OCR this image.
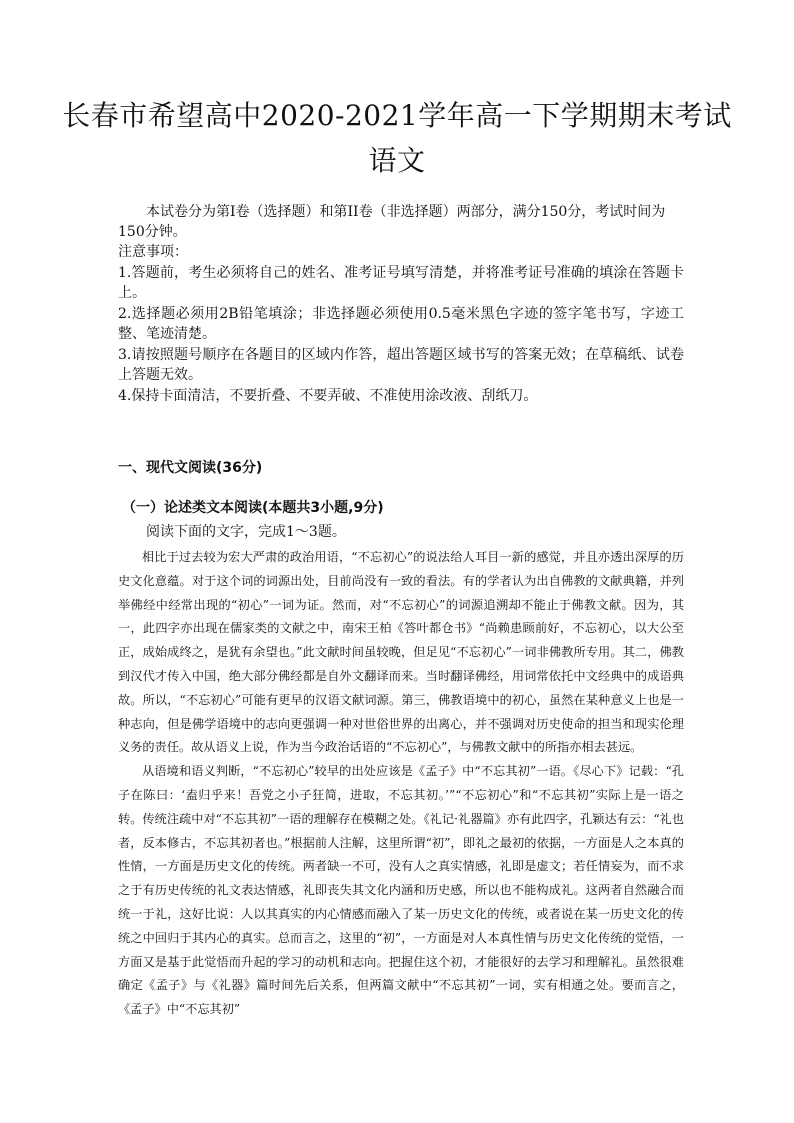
长春市希望高中2020-2021学年高一下学期期末考试
语文

本试卷分为第I卷（选择题）和第II卷（非选择题）两部分，满分150分，考试时间为150分钟。

注意事项：

1.答题前，考生必须将自己的姓名、准考证号填写清楚，并将准考证号准确的填涂在答题卡上。

2.选择题必须用2B铅笔填涂；非选择题必须使用0.5毫米黑色字迹的签字笔书写，字迹工整、笔迹清楚。

3.请按照题号顺序在各题目的区域内作答，超出答题区域书写的答案无效；在草稿纸、试卷上答题无效。

4.保持卡面清洁，不要折叠、不要弄破、不准使用涂改液、刮纸刀。

一、现代文阅读(36分)

（一）论述类文本阅读(本题共3小题,9分)

阅读下面的文字，完成1～3题。

相比于过去较为宏大严肃的政治用语，“不忘初心”的说法给人耳目一新的感觉，并且亦透出深厚的历史文化意蕴。对于这个词的词源出处，目前尚没有一致的看法。有的学者认为出自佛教的文献典籍，并列举佛经中经常出现的“初心”一词为证。然而，对“不忘初心”的词源追溯却不能止于佛教文献。因为，其一，此四字亦出现在儒家类的文献之中，南宋王柏《答叶都仓书》“尚赖患顾前好，不忘初心，以大公至正，成始成终之，是犹有余望也。”此文献时间虽较晚，但足见“不忘初心”一词非佛教所专用。其二，佛教到汉代才传入中国，绝大部分佛经都是自外文翻译而来。当时翻译佛经，用词常依托中文经典中的成语典故。所以，“不忘初心”可能有更早的汉语文献词源。第三，佛教语境中的初心，虽然在某种意义上也是一种志向，但是佛学语境中的志向更强调一种对世俗世界的出离心，并不强调对历史使命的担当和现实伦理义务的责任。故从语义上说，作为当今政治话语的“不忘初心”，与佛教文献中的所指亦相去甚远。

从语境和语义判断，“不忘初心”较早的出处应该是《孟子》中“不忘其初”一语。《尽心下》记载：“孔子在陈曰：‘盍归乎来！吾党之小子狂简，进取，不忘其初。’”“不忘初心”和“不忘其初”实际上是一语之转。传统注疏中对“不忘其初”一语的理解存在模糊之处。《礼记·礼器篇》亦有此四字，孔颖达有云：“礼也者，反本修古，不忘其初者也。”根据前人注解，这里所谓“初”，即礼之最初的依据，一方面是人之本真的性情，一方面是历史文化的传统。两者缺一不可，没有人之真实情感，礼即是虚文；若任情妄为，而不求之于有历史传统的礼文表达情感，礼即丧失其文化内涵和历史感，所以也不能构成礼。这两者自然融合而统一于礼，这好比说：人以其真实的内心情感而融入了某一历史文化的传统，或者说在某一历史文化的传统之中回归于其内心的真实。总而言之，这里的“初”，一方面是对人本真性情与历史文化传统的觉悟，一方面又是基于此觉悟而升起的学习的动机和志向。把握住这个初，才能很好的去学习和理解礼。虽然很难确定《孟子》与《礼器》篇时间先后关系，但两篇文献中“不忘其初”一词，实有相通之处。要而言之，《孟子》中“不忘其初”
